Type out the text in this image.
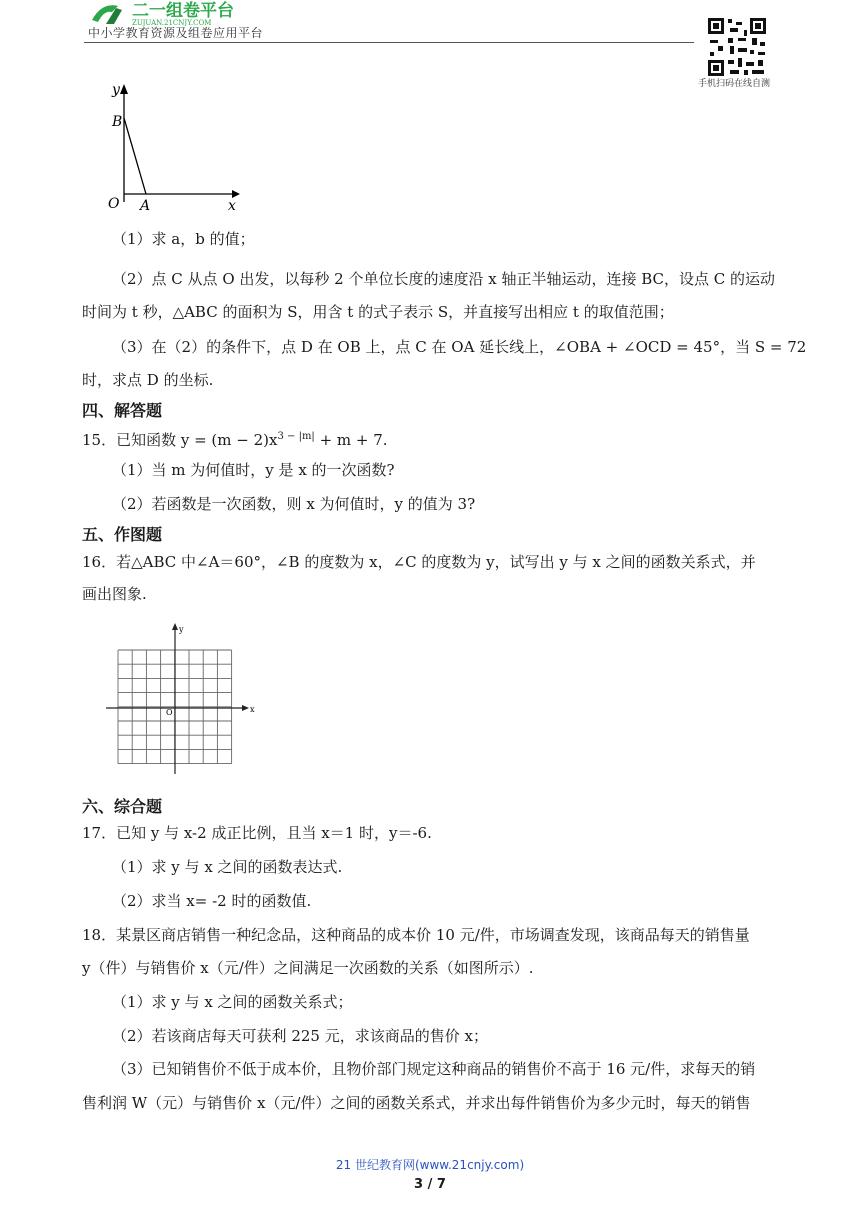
二一组卷平台
ZUJUAN.21CNJY.COM
中小学教育资源及组卷应用平台
手机扫码在线自测
y
B
O A	x
（1）求 a，b 的值；
（2）点 C 从点 O 出发，以每秒 2 个单位长度的速度沿 x 轴正半轴运动，连接 BC，设点 C 的运动
时间为 t 秒，△ABC 的面积为 S，用含 t 的式子表示 S，并直接写出相应 t 的取值范围；
（3）在（2）的条件下，点 D 在 OB 上，点 C 在 OA 延长线上，∠OBA + ∠OCD = 45°，当 S = 72
时，求点 D 的坐标.
四、解答题
15．已知函数 $y = (m - 2)x^{3 - |m|} + m + 7$.
（1）当 m 为何值时，y 是 x 的一次函数?
（2）若函数是一次函数，则 x 为何值时，y 的值为 3?
五、作图题
16．若△ABC 中∠A＝60°，∠B 的度数为 x，∠C 的度数为 y，试写出 y 与 x 之间的函数关系式，并
画出图象.
y
x
O
六、综合题
17．已知 y 与 x-2 成正比例，且当 x＝1 时，y＝-6.
（1）求 y 与 x 之间的函数表达式.
（2）求当 x= -2 时的函数值.
18．某景区商店销售一种纪念品，这种商品的成本价 10 元/件，市场调查发现，该商品每天的销售量
y（件）与销售价 x（元/件）之间满足一次函数的关系（如图所示）.
（1）求 y 与 x 之间的函数关系式；
（2）若该商店每天可获利 225 元，求该商品的售价 x；
（3）已知销售价不低于成本价，且物价部门规定这种商品的销售价不高于 16 元/件，求每天的销
售利润 W（元）与销售价 x（元/件）之间的函数关系式，并求出每件销售价为多少元时，每天的销售
21 世纪教育网(www.21cnjy.com)
3 / 7
